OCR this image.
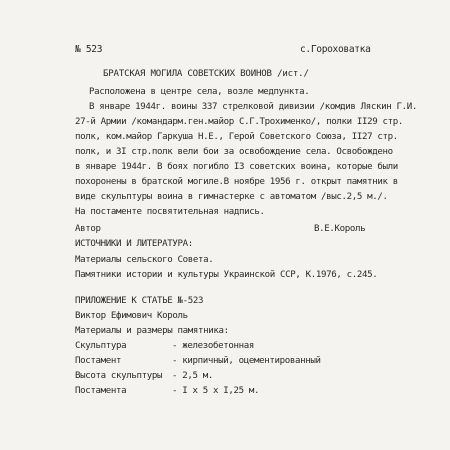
№ 523	с.Гороховатка
БРАТСКАЯ МОГИЛА СОВЕТСКИХ ВОИНОВ /ист./
Расположена в центре села, возле медпункта.
В январе 1944г. воины 337 стрелковой дивизии /комдив Ляскин Г.И.
27-й Армии /командарм.ген.майор С.Г.Трохименко/, полки II29 стр.
полк, ком.майор Гаркуша Н.Е., Герой Советского Союза, II27 стр.
полк, и 3I стр.полк вели бои за освобождение села. Освобождено
в январе 1944г. В боях погибло I3 советских воина, которые были
похоронены в братской могиле.В ноябре 1956 г. открыт памятник в
виде скульптуры воина в гимнастерке с автоматом /выс.2,5 м./.
На постаменте посвятительная надпись.
Автор	В.Е.Король
ИСТОЧНИКИ И ЛИТЕРАТУРА:
Материалы сельского Совета.
Памятники истории и культуры Украинской ССР, К.1976, с.245.
ПРИЛОЖЕНИЕ К СТАТЬЕ №-523
Виктор Ефимович Король
Материалы и размеры памятника:
Скульптура	- железобетонная
Постамент	- кирпичный, оцементированный
Высота скульптуры - 2,5 м.
Постамента	- I x 5 x I,25 м.
